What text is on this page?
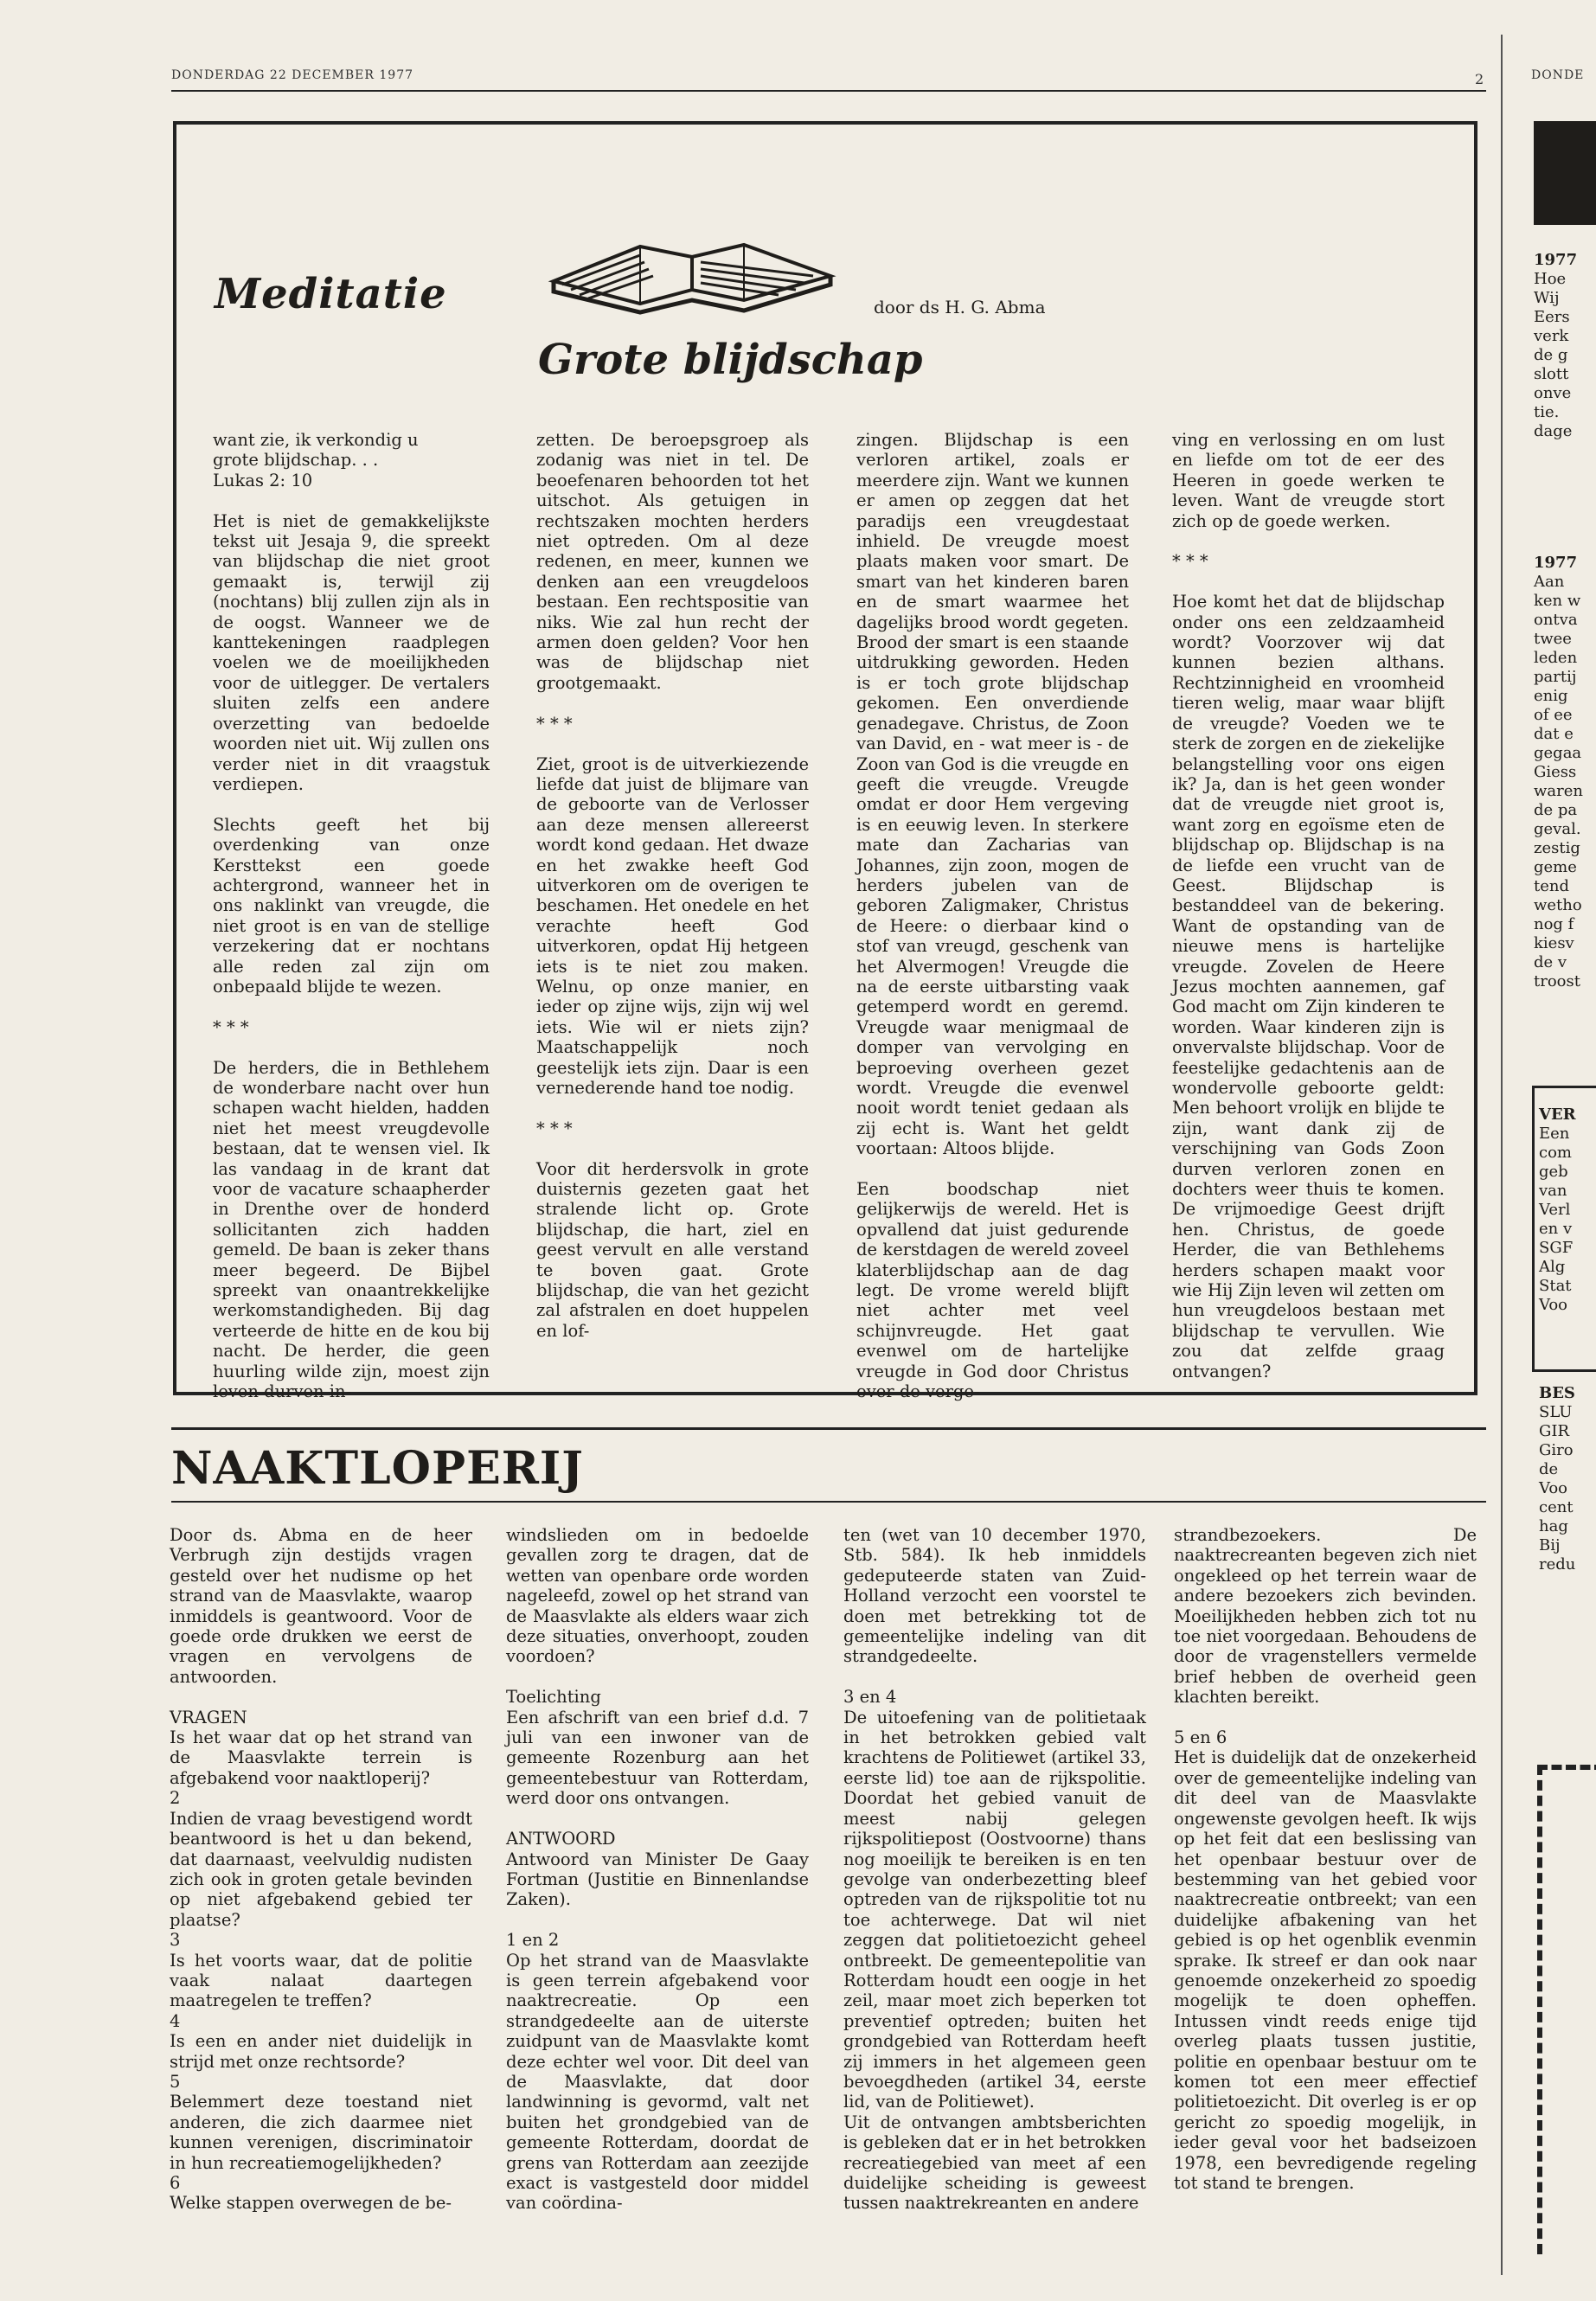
DONDERDAG 22 DECEMBER 1977	2	DONDE
Meditatie	door ds H. G. Abma
Grote blijdschap
want zie, ik verkondig u
grote blijdschap. . .
Lukas 2: 10

Het is niet de gemakkelijkste tekst uit Jesaja 9, die spreekt van blijdschap die niet groot gemaakt is, terwijl zij (nochtans) blij zullen zijn als in de oogst. Wanneer we de kanttekeningen raadplegen voelen we de moeilijkheden voor de uitlegger. De vertalers sluiten zelfs een andere overzetting van bedoelde woorden niet uit. Wij zullen ons verder niet in dit vraagstuk verdiepen.

Slechts geeft het bij overdenking van onze Kersttekst een goede achtergrond, wanneer het in ons naklinkt van vreugde, die niet groot is en van de stellige verzekering dat er nochtans alle reden zal zijn om onbepaald blijde te wezen.

* * *

De herders, die in Bethlehem de wonderbare nacht over hun schapen wacht hielden, hadden niet het meest vreugdevolle bestaan, dat te wensen viel. Ik las vandaag in de krant dat voor de vacature schaapherder in Drenthe over de honderd sollicitanten zich hadden gemeld. De baan is zeker thans meer begeerd. De Bijbel spreekt van onaantrekkelijke werkomstandigheden. Bij dag verteerde de hitte en de kou bij nacht. De herder, die geen huurling wilde zijn, moest zijn leven durven in-
zetten. De beroepsgroep als zodanig was niet in tel. De beoefenaren behoorden tot het uitschot. Als getuigen in rechtszaken mochten herders niet optreden. Om al deze redenen, en meer, kunnen we denken aan een vreugdeloos bestaan. Een rechtspositie van niks. Wie zal hun recht der armen doen gelden? Voor hen was de blijdschap niet grootgemaakt.

* * *

Ziet, groot is de uitverkiezende liefde dat juist de blijmare van de geboorte van de Verlosser aan deze mensen allereerst wordt kond gedaan. Het dwaze en het zwakke heeft God uitverkoren om de overigen te beschamen. Het onedele en het verachte heeft God uitverkoren, opdat Hij hetgeen iets is te niet zou maken. Welnu, op onze manier, en ieder op zijne wijs, zijn wij wel iets. Wie wil er niets zijn? Maatschappelijk noch geestelijk iets zijn. Daar is een vernederende hand toe nodig.

* * *

Voor dit herdersvolk in grote duisternis gezeten gaat het stralende licht op. Grote blijdschap, die hart, ziel en geest vervult en alle verstand te boven gaat. Grote blijdschap, die van het gezicht zal afstralen en doet huppelen en lof-
zingen. Blijdschap is een verloren artikel, zoals er meerdere zijn. Want we kunnen er amen op zeggen dat het paradijs een vreugdestaat inhield. De vreugde moest plaats maken voor smart. De smart van het kinderen baren en de smart waarmee het dagelijks brood wordt gegeten. Brood der smart is een staande uitdrukking geworden. Heden is er toch grote blijdschap gekomen. Een onverdiende genadegave. Christus, de Zoon van David, en - wat meer is - de Zoon van God is die vreugde en geeft die vreugde. Vreugde omdat er door Hem vergeving is en eeuwig leven. In sterkere mate dan Zacharias van Johannes, zijn zoon, mogen de herders jubelen van de geboren Zaligmaker, Christus de Heere: o dierbaar kind o stof van vreugd, geschenk van het Alvermogen! Vreugde die na de eerste uitbarsting vaak getemperd wordt en geremd. Vreugde waar menigmaal de domper van vervolging en beproeving overheen gezet wordt. Vreugde die evenwel nooit wordt teniet gedaan als zij echt is. Want het geldt voortaan: Altoos blijde.

Een boodschap niet gelijkerwijs de wereld. Het is opvallend dat juist gedurende de kerstdagen de wereld zoveel klaterblijdschap aan de dag legt. De vrome wereld blijft niet achter met veel schijnvreugde. Het gaat evenwel om de hartelijke vreugde in God door Christus over de verge-
ving en verlossing en om lust en liefde om tot de eer des Heeren in goede werken te leven. Want de vreugde stort zich op de goede werken.

* * *

Hoe komt het dat de blijdschap onder ons een zeldzaamheid wordt? Voorzover wij dat kunnen bezien althans. Rechtzinnigheid en vroomheid tieren welig, maar waar blijft de vreugde? Voeden we te sterk de zorgen en de ziekelijke belangstelling voor ons eigen ik? Ja, dan is het geen wonder dat de vreugde niet groot is, want zorg en egoïsme eten de blijdschap op. Blijdschap is na de liefde een vrucht van de Geest. Blijdschap is bestanddeel van de bekering. Want de opstanding van de nieuwe mens is hartelijke vreugde. Zovelen de Heere Jezus mochten aannemen, gaf God macht om Zijn kinderen te worden. Waar kinderen zijn is onvervalste blijdschap. Voor de feestelijke gedachtenis aan de wondervolle geboorte geldt: Men behoort vrolijk en blijde te zijn, want dank zij de verschijning van Gods Zoon durven verloren zonen en dochters weer thuis te komen. De vrijmoedige Geest drijft hen. Christus, de goede Herder, die van Bethlehems herders schapen maakt voor wie Hij Zijn leven wil zetten om hun vreugdeloos bestaan met blijdschap te vervullen. Wie zou dat zelfde graag ontvangen?
NAAKTLOPERIJ
Door ds. Abma en de heer Verbrugh zijn destijds vragen gesteld over het nudisme op het strand van de Maasvlakte, waarop inmiddels is geantwoord. Voor de goede orde drukken we eerst de vragen en vervolgens de antwoorden.

VRAGEN
Is het waar dat op het strand van de Maasvlakte terrein is afgebakend voor naaktloperij?
2
Indien de vraag bevestigend wordt beantwoord is het u dan bekend, dat daarnaast, veelvuldig nudisten zich ook in groten getale bevinden op niet afgebakend gebied ter plaatse?
3
Is het voorts waar, dat de politie vaak nalaat daartegen maatregelen te treffen?
4
Is een en ander niet duidelijk in strijd met onze rechtsorde?
5
Belemmert deze toestand niet anderen, die zich daarmee niet kunnen verenigen, discriminatoir in hun recreatiemogelijkheden?
6
Welke stappen overwegen de be-
windslieden om in bedoelde gevallen zorg te dragen, dat de wetten van openbare orde worden nageleefd, zowel op het strand van de Maasvlakte als elders waar zich deze situaties, onverhoopt, zouden voordoen?

Toelichting
Een afschrift van een brief d.d. 7 juli van een inwoner van de gemeente Rozenburg aan het gemeentebestuur van Rotterdam, werd door ons ontvangen.

ANTWOORD
Antwoord van Minister De Gaay Fortman (Justitie en Binnenlandse Zaken).

1 en 2
Op het strand van de Maasvlakte is geen terrein afgebakend voor naaktrecreatie. Op een strandgedeelte aan de uiterste zuidpunt van de Maasvlakte komt deze echter wel voor. Dit deel van de Maasvlakte, dat door landwinning is gevormd, valt net buiten het grondgebied van de gemeente Rotterdam, doordat de grens van Rotterdam aan zeezijde exact is vastgesteld door middel van coördina-
ten (wet van 10 december 1970, Stb. 584). Ik heb inmiddels gedeputeerde staten van Zuid-Holland verzocht een voorstel te doen met betrekking tot de gemeentelijke indeling van dit strandgedeelte.

3 en 4
De uitoefening van de politietaak in het betrokken gebied valt krachtens de Politiewet (artikel 33, eerste lid) toe aan de rijkspolitie. Doordat het gebied vanuit de meest nabij gelegen rijkspolitiepost (Oostvoorne) thans nog moeilijk te bereiken is en ten gevolge van onderbezetting bleef optreden van de rijkspolitie tot nu toe achterwege. Dat wil niet zeggen dat politietoezicht geheel ontbreekt. De gemeentepolitie van Rotterdam houdt een oogje in het zeil, maar moet zich beperken tot preventief optreden; buiten het grondgebied van Rotterdam heeft zij immers in het algemeen geen bevoegdheden (artikel 34, eerste lid, van de Politiewet).
Uit de ontvangen ambtsberichten is gebleken dat er in het betrokken recreatiegebied van meet af een duidelijke scheiding is geweest tussen naaktrekreanten en andere
strandbezoekers. De naaktrecreanten begeven zich niet ongekleed op het terrein waar de andere bezoekers zich bevinden. Moeilijkheden hebben zich tot nu toe niet voorgedaan. Behoudens de door de vragenstellers vermelde brief hebben de overheid geen klachten bereikt.

5 en 6
Het is duidelijk dat de onzekerheid over de gemeentelijke indeling van dit deel van de Maasvlakte ongewenste gevolgen heeft. Ik wijs op het feit dat een beslissing van het openbaar bestuur over de bestemming van het gebied voor naaktrecreatie ontbreekt; van een duidelijke afbakening van het gebied is op het ogenblik evenmin sprake. Ik streef er dan ook naar genoemde onzekerheid zo spoedig mogelijk te doen opheffen. Intussen vindt reeds enige tijd overleg plaats tussen justitie, politie en openbaar bestuur om te komen tot een meer effectief politietoezicht. Dit overleg is er op gericht zo spoedig mogelijk, in ieder geval voor het badseizoen 1978, een bevredigende regeling tot stand te brengen.
1977
Hoe
Wij
Eers
verk
de g
slott
onve
tie.
dage
1977
Aan
ken w
ontva
twee
leden
partij
enig
of ee
dat e
gegaa
Giess
waren
de pa
geval.
zestig
geme
tend
wetho
nog f
kiesv
de v
troost
VER
Een
com
geb
van
Verl
en v
SGF
Alg
Stat
Voo
BES
SLU
GIR
Giro
de
Voo
cent
hag
Bij
redu
